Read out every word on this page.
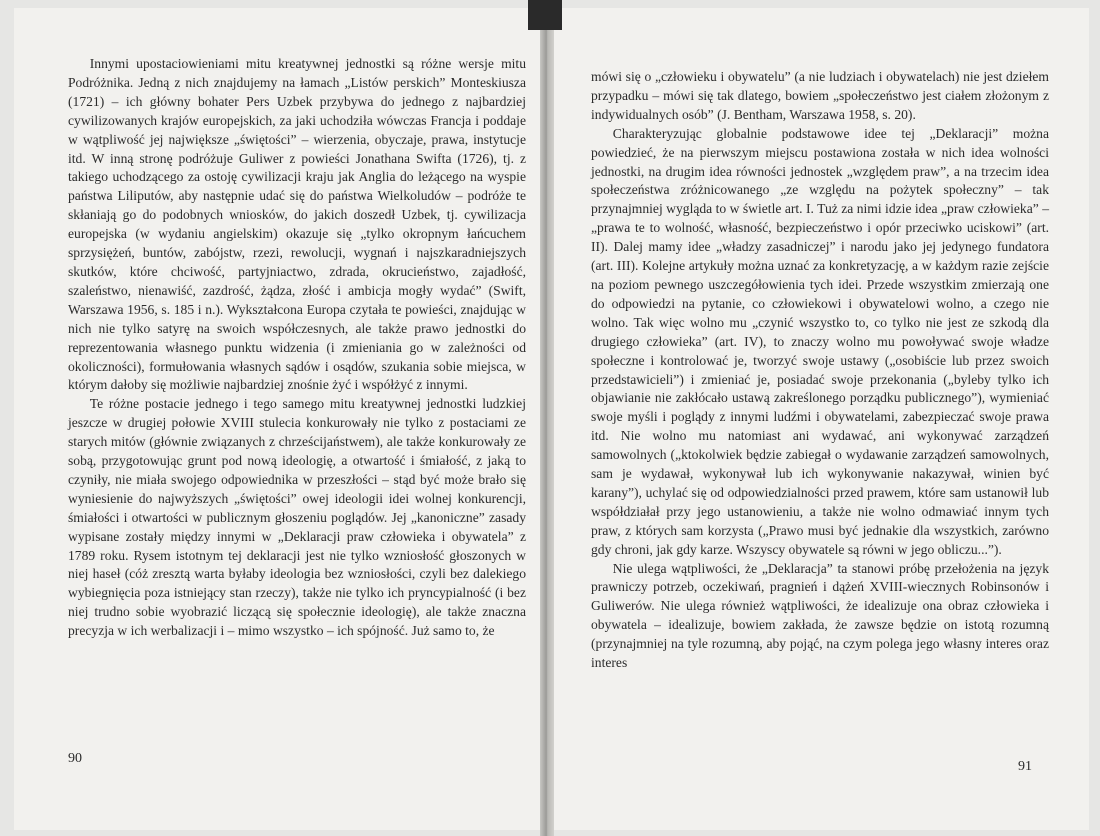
Innymi upostaciowieniami mitu kreatywnej jednostki są różne wersje mitu Podróżnika. Jedną z nich znajdujemy na łamach „Listów perskich” Monteskiusza (1721) – ich główny bohater Pers Uzbek przybywa do jednego z najbardziej cywilizowanych krajów europejskich, za jaki uchodziła wówczas Francja i poddaje w wątpliwość jej największe „świętości” – wierzenia, obyczaje, prawa, instytucje itd. W inną stronę podróżuje Guliwer z powieści Jonathana Swifta (1726), tj. z takiego uchodzącego za ostoję cywilizacji kraju jak Anglia do leżącego na wyspie państwa Liliputów, aby następnie udać się do państwa Wielkoludów – podróże te skłaniają go do podobnych wniosków, do jakich doszedł Uzbek, tj. cywilizacja europejska (w wydaniu angielskim) okazuje się „tylko okropnym łańcuchem sprzysiężeń, buntów, zabójstw, rzezi, rewolucji, wygnań i najszkaradniejszych skutków, które chciwość, partyjniactwo, zdrada, okrucieństwo, zajadłość, szaleństwo, nienawiść, zazdrość, żądza, złość i ambicja mogły wydać” (Swift, Warszawa 1956, s. 185 i n.). Wykształcona Europa czytała te powieści, znajdując w nich nie tylko satyrę na swoich współczesnych, ale także prawo jednostki do reprezentowania własnego punktu widzenia (i zmieniania go w zależności od okoliczności), formułowania własnych sądów i osądów, szukania sobie miejsca, w którym dałoby się możliwie najbardziej znośnie żyć i współżyć z innymi.

Te różne postacie jednego i tego samego mitu kreatywnej jednostki ludzkiej jeszcze w drugiej połowie XVIII stulecia konkurowały nie tylko z postaciami ze starych mitów (głównie związanych z chrześcijaństwem), ale także konkurowały ze sobą, przygotowując grunt pod nową ideologię, a otwartość i śmiałość, z jaką to czyniły, nie miała swojego odpowiednika w przeszłości – stąd być może brało się wyniesienie do najwyższych „świętości” owej ideologii idei wolnej konkurencji, śmiałości i otwartości w publicznym głoszeniu poglądów. Jej „kanoniczne” zasady wypisane zostały między innymi w „Deklaracji praw człowieka i obywatela” z 1789 roku. Rysem istotnym tej deklaracji jest nie tylko wzniosłość głoszonych w niej haseł (cóż zresztą warta byłaby ideologia bez wzniosłości, czyli bez dalekiego wybiegnięcia poza istniejący stan rzeczy), także nie tylko ich pryncypialność (i bez niej trudno sobie wyobrazić liczącą się społecznie ideologię), ale także znaczna precyzja w ich werbalizacji i – mimo wszystko – ich spójność. Już samo to, że

90

mówi się o „człowieku i obywatelu” (a nie ludziach i obywatelach) nie jest dziełem przypadku – mówi się tak dlatego, bowiem „społeczeństwo jest ciałem złożonym z indywidualnych osób” (J. Bentham, Warszawa 1958, s. 20).

Charakteryzując globalnie podstawowe idee tej „Deklaracji” można powiedzieć, że na pierwszym miejscu postawiona została w nich idea wolności jednostki, na drugim idea równości jednostek „względem praw”, a na trzecim idea społeczeństwa zróżnicowanego „ze względu na pożytek społeczny” – tak przynajmniej wygląda to w świetle art. I. Tuż za nimi idzie idea „praw człowieka” – „prawa te to wolność, własność, bezpieczeństwo i opór przeciwko uciskowi” (art. II). Dalej mamy idee „władzy zasadniczej” i narodu jako jej jedynego fundatora (art. III). Kolejne artykuły można uznać za konkretyzację, a w każdym razie zejście na poziom pewnego uszczegółowienia tych idei. Przede wszystkim zmierzają one do odpowiedzi na pytanie, co człowiekowi i obywatelowi wolno, a czego nie wolno. Tak więc wolno mu „czynić wszystko to, co tylko nie jest ze szkodą dla drugiego człowieka” (art. IV), to znaczy wolno mu powoływać swoje władze społeczne i kontrolować je, tworzyć swoje ustawy („osobiście lub przez swoich przedstawicieli”) i zmieniać je, posiadać swoje przekonania („byleby tylko ich objawianie nie zakłócało ustawą zakreślonego porządku publicznego”), wymieniać swoje myśli i poglądy z innymi ludźmi i obywatelami, zabezpieczać swoje prawa itd. Nie wolno mu natomiast ani wydawać, ani wykonywać zarządzeń samowolnych („ktokolwiek będzie zabiegał o wydawanie zarządzeń samowolnych, sam je wydawał, wykonywał lub ich wykonywanie nakazywał, winien być karany”), uchylać się od odpowiedzialności przed prawem, które sam ustanowił lub współdziałał przy jego ustanowieniu, a także nie wolno odmawiać innym tych praw, z których sam korzysta („Prawo musi być jednakie dla wszystkich, zarówno gdy chroni, jak gdy karze. Wszyscy obywatele są równi w jego obliczu...”).

Nie ulega wątpliwości, że „Deklaracja” ta stanowi próbę przełożenia na język prawniczy potrzeb, oczekiwań, pragnień i dążeń XVIII-wiecznych Robinsonów i Guliwerów. Nie ulega również wątpliwości, że idealizuje ona obraz człowieka i obywatela – idealizuje, bowiem zakłada, że zawsze będzie on istotą rozumną (przynajmniej na tyle rozumną, aby pojąć, na czym polega jego własny interes oraz interes

91
